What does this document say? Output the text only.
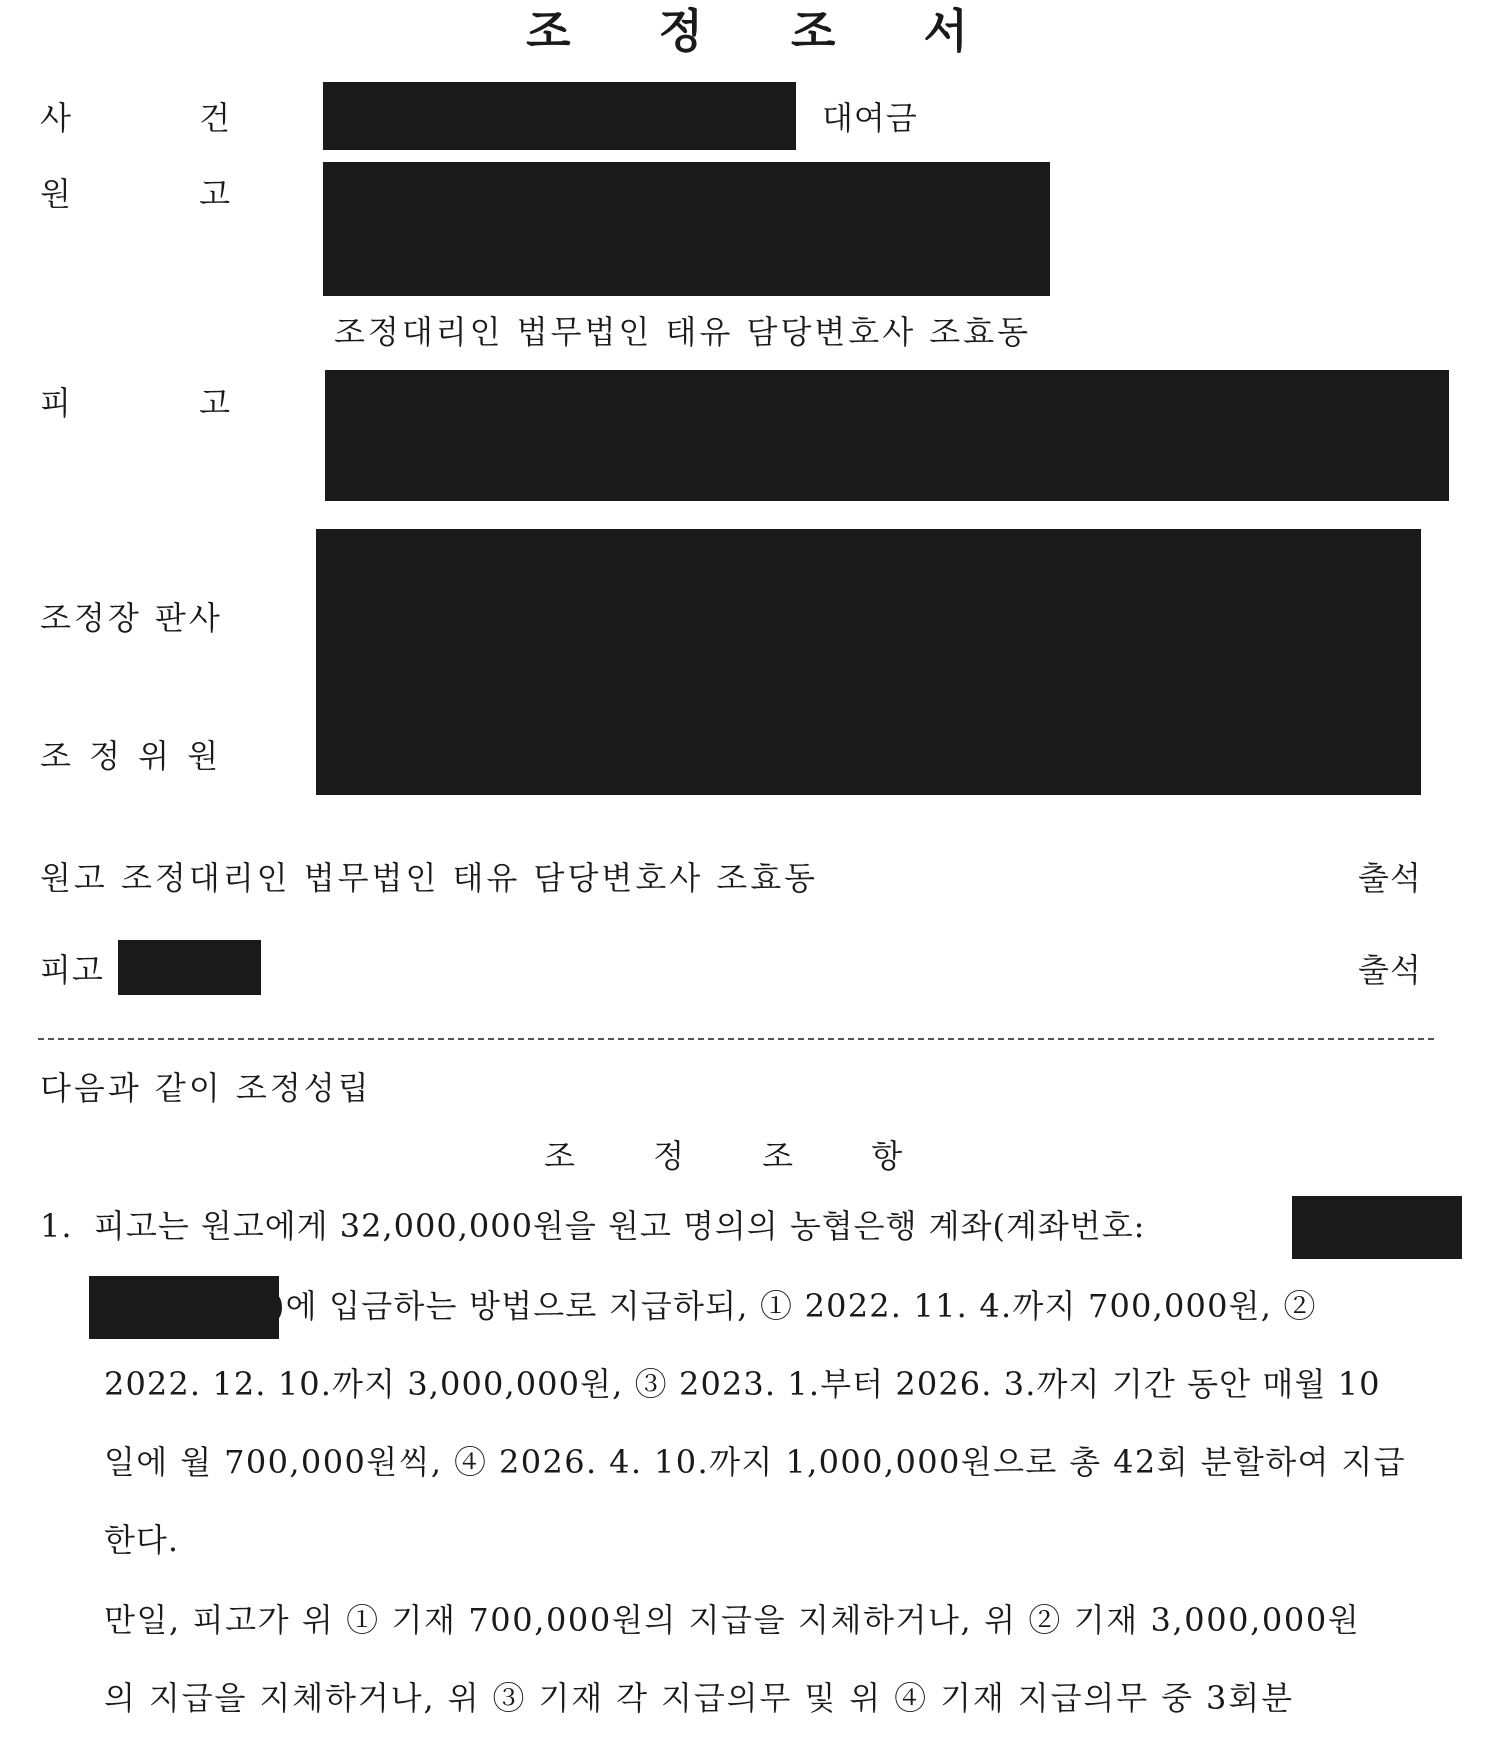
조 정 조 서
사	건	대여금
원	고
조정대리인 법무법인 태유 담당변호사 조효동
피	고
조정장 판사
조 정 위 원
원고 조정대리인 법무법인 태유 담당변호사 조효동	출석
피고	출석
다음과 같이 조정성립
조 정 조 항
1. 피고는 원고에게 32,000,000원을 원고 명의의 농협은행 계좌(계좌번호:
)에 입금하는 방법으로 지급하되, ① 2022. 11. 4.까지 700,000원, ②
2022. 12. 10.까지 3,000,000원, ③ 2023. 1.부터 2026. 3.까지 기간 동안 매월 10
일에 월 700,000원씩, ④ 2026. 4. 10.까지 1,000,000원으로 총 42회 분할하여 지급
한다.
만일, 피고가 위 ① 기재 700,000원의 지급을 지체하거나, 위 ② 기재 3,000,000원
의 지급을 지체하거나, 위 ③ 기재 각 지급의무 및 위 ④ 기재 지급의무 중 3회분
